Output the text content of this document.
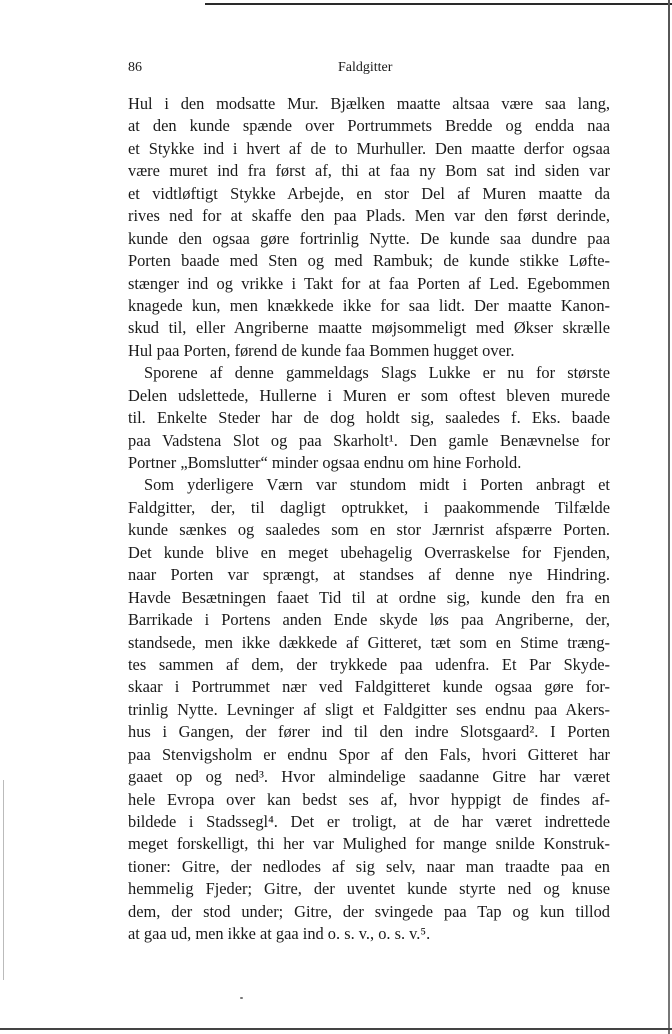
86	Faldgitter
Hul i den modsatte Mur. Bjælken maatte altsaa være saa lang,
at den kunde spænde over Portrummets Bredde og endda naa
et Stykke ind i hvert af de to Murhuller. Den maatte derfor ogsaa
være muret ind fra først af, thi at faa ny Bom sat ind siden var
et vidtløftigt Stykke Arbejde, en stor Del af Muren maatte da
rives ned for at skaffe den paa Plads. Men var den først derinde,
kunde den ogsaa gøre fortrinlig Nytte. De kunde saa dundre paa
Porten baade med Sten og med Rambuk; de kunde stikke Løfte-
stænger ind og vrikke i Takt for at faa Porten af Led. Egebommen
knagede kun, men knækkede ikke for saa lidt. Der maatte Kanon-
skud til, eller Angriberne maatte møjsommeligt med Økser skrælle
Hul paa Porten, førend de kunde faa Bommen hugget over.
Sporene af denne gammeldags Slags Lukke er nu for største
Delen udslettede, Hullerne i Muren er som oftest bleven murede
til. Enkelte Steder har de dog holdt sig, saaledes f. Eks. baade
paa Vadstena Slot og paa Skarholt¹. Den gamle Benævnelse for
Portner „Bomslutter“ minder ogsaa endnu om hine Forhold.
Som yderligere Værn var stundom midt i Porten anbragt et
Faldgitter, der, til dagligt optrukket, i paakommende Tilfælde
kunde sænkes og saaledes som en stor Jærnrist afspærre Porten.
Det kunde blive en meget ubehagelig Overraskelse for Fjenden,
naar Porten var sprængt, at standses af denne nye Hindring.
Havde Besætningen faaet Tid til at ordne sig, kunde den fra en
Barrikade i Portens anden Ende skyde løs paa Angriberne, der,
standsede, men ikke dækkede af Gitteret, tæt som en Stime træng-
tes sammen af dem, der trykkede paa udenfra. Et Par Skyde-
skaar i Portrummet nær ved Faldgitteret kunde ogsaa gøre for-
trinlig Nytte. Levninger af sligt et Faldgitter ses endnu paa Akers-
hus i Gangen, der fører ind til den indre Slotsgaard². I Porten
paa Stenvigsholm er endnu Spor af den Fals, hvori Gitteret har
gaaet op og ned³. Hvor almindelige saadanne Gitre har været
hele Evropa over kan bedst ses af, hvor hyppigt de findes af-
bildede i Stadssegl⁴. Det er troligt, at de har været indrettede
meget forskelligt, thi her var Mulighed for mange snilde Konstruk-
tioner: Gitre, der nedlodes af sig selv, naar man traadte paa en
hemmelig Fjeder; Gitre, der uventet kunde styrte ned og knuse
dem, der stod under; Gitre, der svingede paa Tap og kun tillod
at gaa ud, men ikke at gaa ind o. s. v., o. s. v.⁵.
